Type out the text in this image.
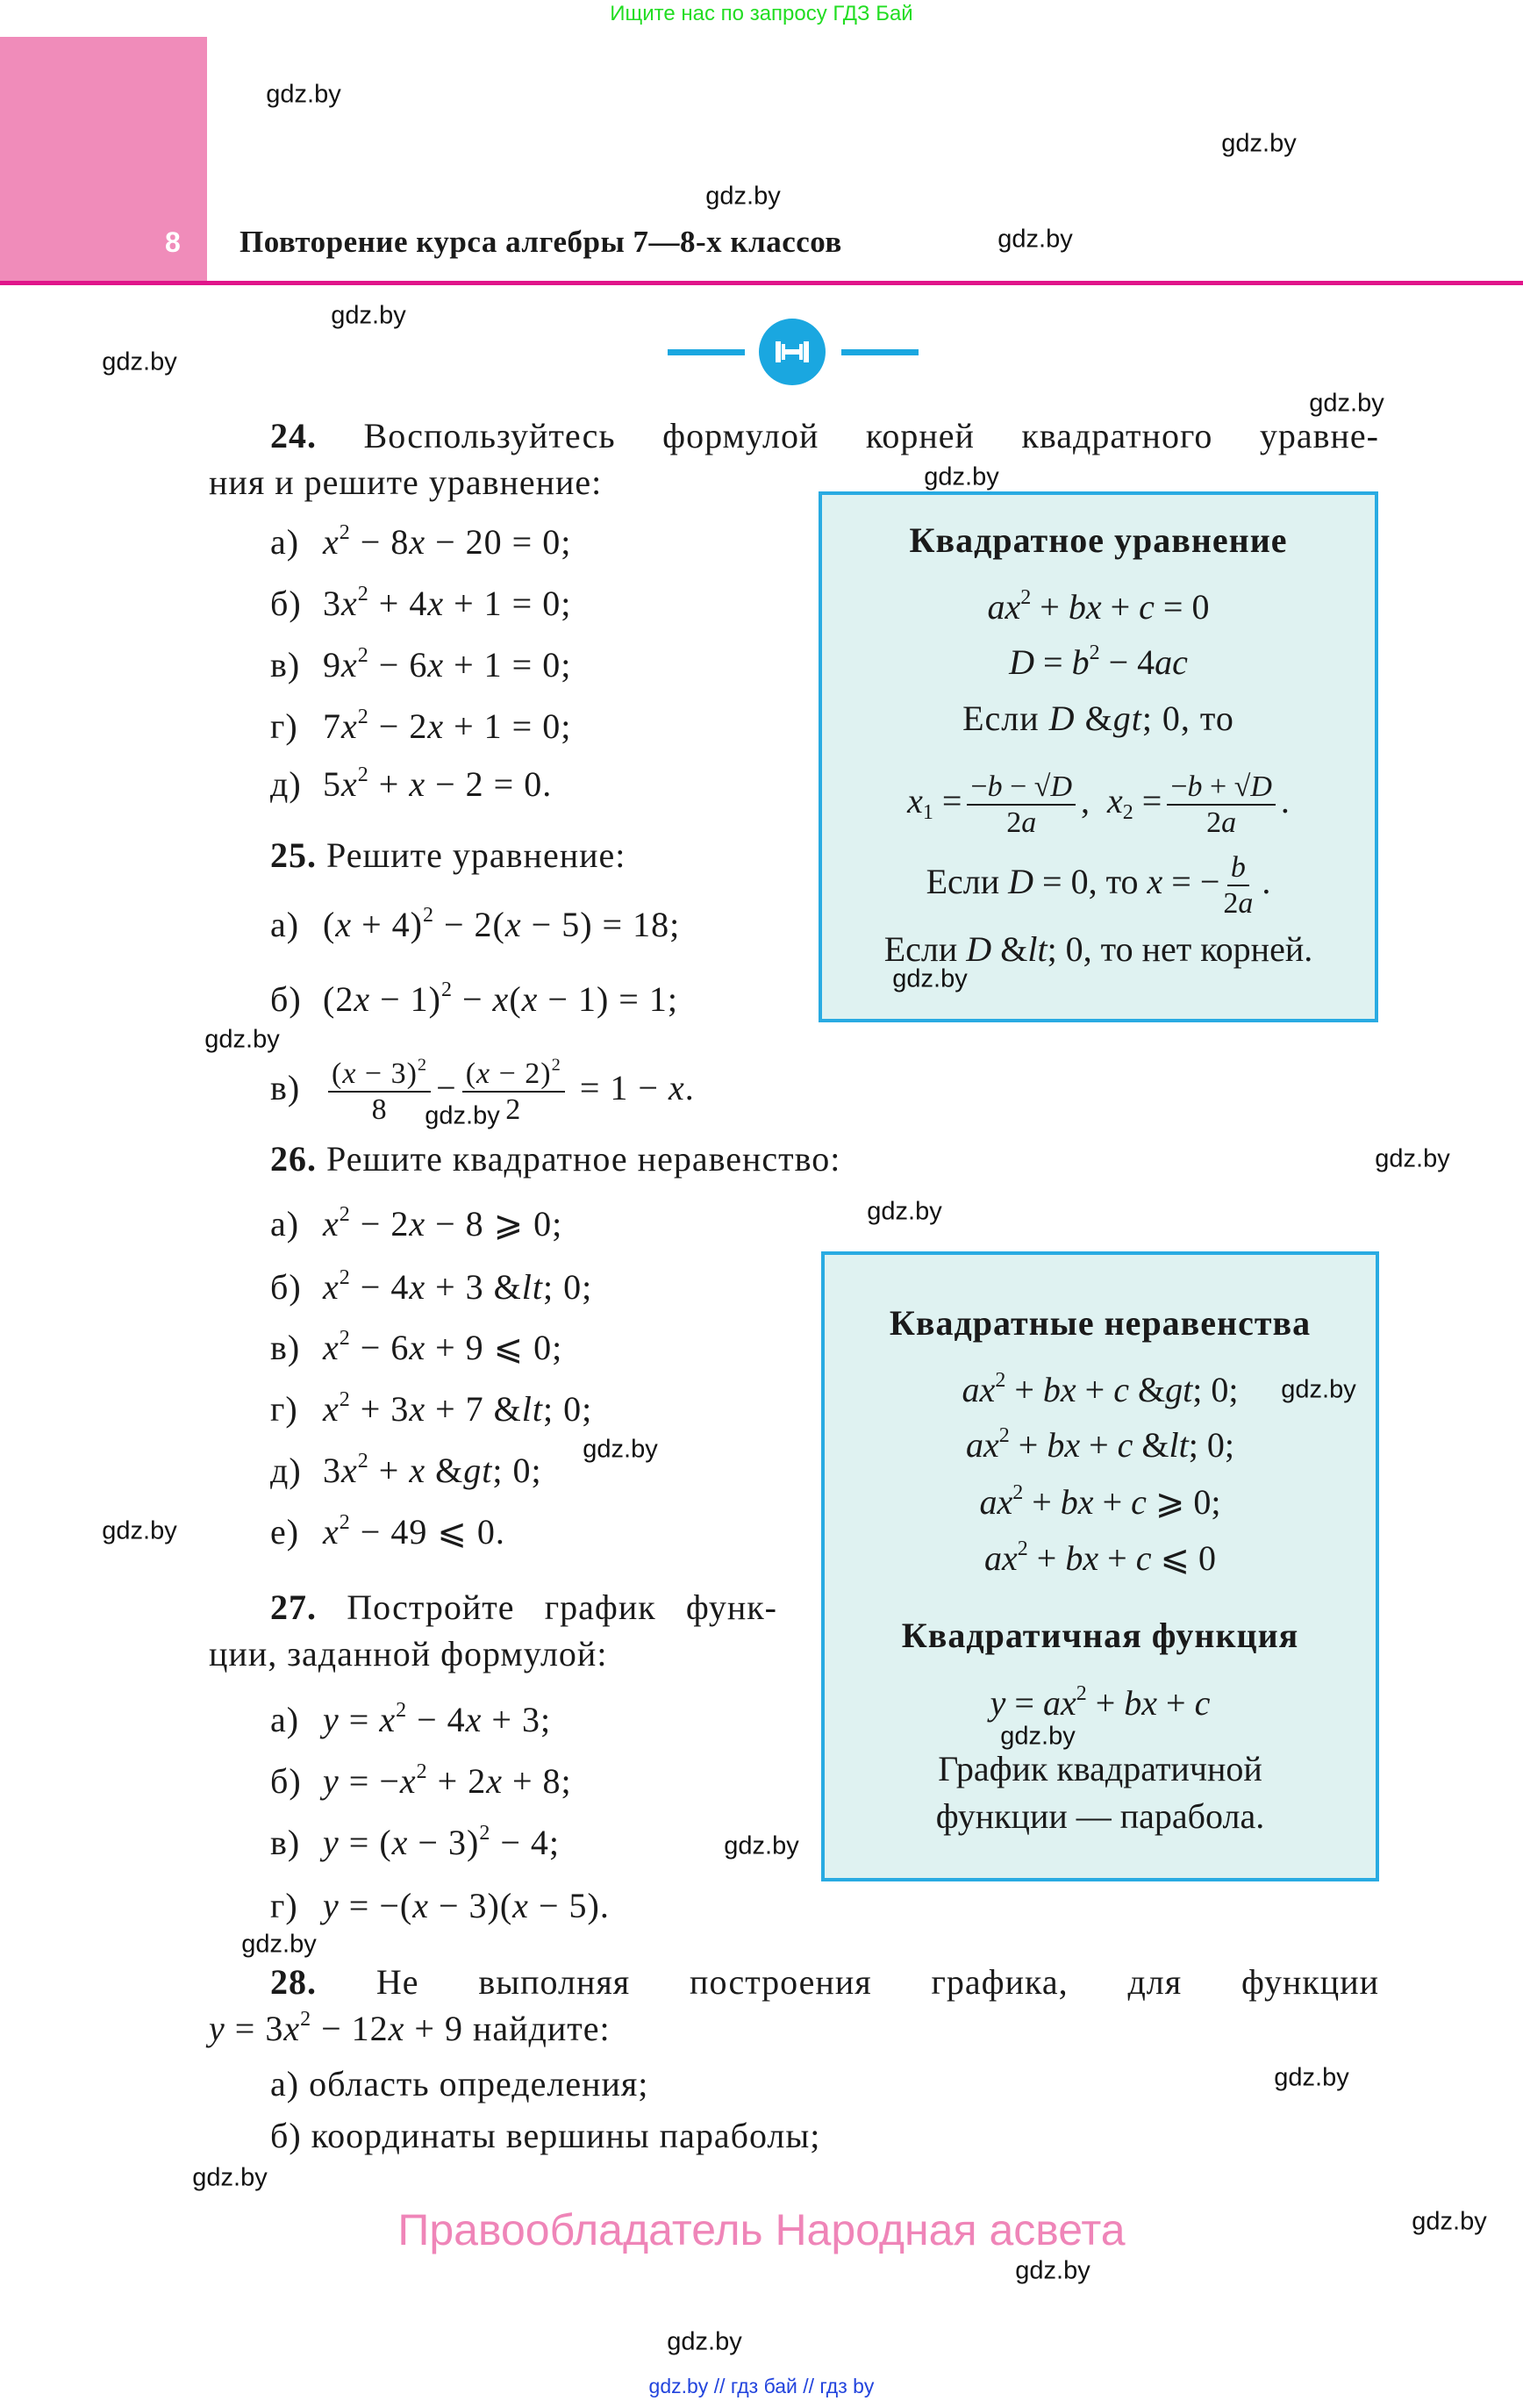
Ищите нас по запросу ГДЗ Бай
8 Повторение курса алгебры 7—8-х классов
24. Воспользуйтесь формулой корней квадратного уравне-
ния и решите уравнение:
а) $x^2 - 8x - 20 = 0$;
б) $3x^2 + 4x + 1 = 0$;
в) $9x^2 - 6x + 1 = 0$;
г) $7x^2 - 2x + 1 = 0$;
д) $5x^2 + x - 2 = 0$.
25. Решите уравнение:
а) $(x + 4)^2 - 2(x - 5) = 18$;
б) $(2x - 1)^2 - x(x - 1) = 1$;
$в) \frac{(x - 3)^2}{8} - \frac{(x - 2)^2}{2} = 1 - x$.
26. Решите квадратное неравенство:
а) $x^2 - 2x - 8$ ⩾ 0;
б) $x^2 - 4x + 3$ &lt; 0;
в) $x^2 - 6x + 9$ ⩽ 0;
г) $x^2 + 3x + 7$ &lt; 0;
д) $3x^2 + x$ &gt; 0;
е) $x^2 - 49$ ⩽ 0.
27. Постройте график функ-
ции, заданной формулой:
а) $y = x^2 - 4x + 3$;
б) $y = -x^2 + 2x + 8$;
в) $y = (x - 3)^2 - 4$;
г) y = −(x − 3)(x − 5).
28. Не выполняя построения графика, для функции
$y = 3x^2 - 12x + 9$ найдите:
а) область определения;
б) координаты вершины параболы;
Квадратное уравнение
$ax^2$ + bx + c = 0
$D = b^2 - 4ac$
Если D &gt; 0, то
$x_1 = \frac{-b - √D}{2a}$ , $x_2 = \frac{-b + √D}{2a}$ .
Если D = 0, то x = − $\frac{b}{2a}$ .
Если D &lt; 0, то нет корней.
Квадратные неравенства
$ax^2$ + bx + c &gt; 0;
$ax^2$ + bx + c &lt; 0;
$ax^2$ + bx + c ⩾ 0;
$ax^2$ + bx + c ⩽ 0
Квадратичная функция
$y = ax^2$ + bx + c
График квадратичной
функции — парабола.
gdz.by
gdz.by
gdz.by
gdz.by
gdz.by
gdz.by
gdz.by
gdz.by
gdz.by
gdz.by
gdz.by
gdz.by
gdz.by
gdz.by
gdz.by
gdz.by
gdz.by
gdz.by
gdz.by
gdz.by
gdz.by
gdz.by
gdz.by
gdz.by
Правообладатель Народная асвета
gdz.by // гдз бай // гдз by
